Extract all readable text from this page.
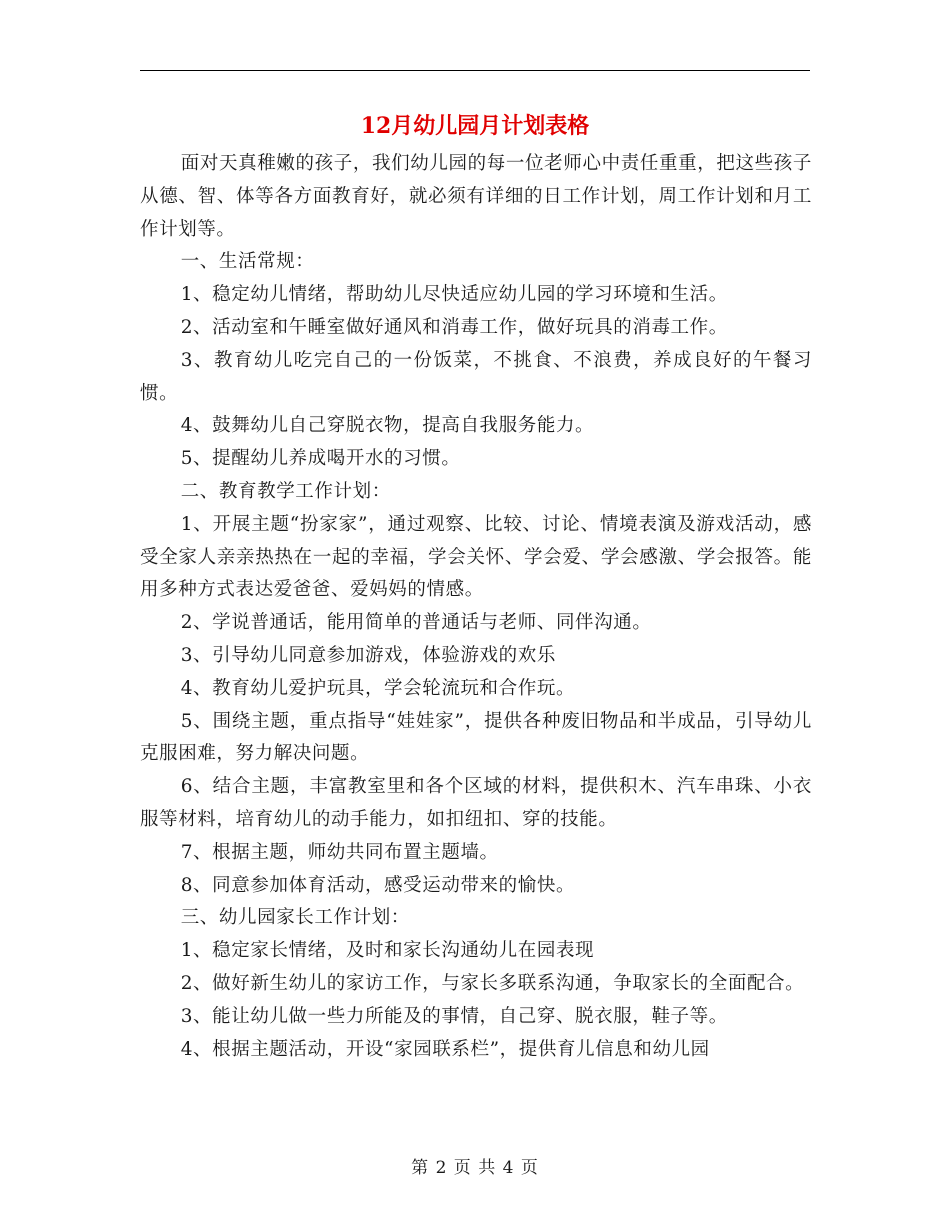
12月幼儿园月计划表格

面对天真稚嫩的孩子，我们幼儿园的每一位老师心中责任重重，把这些孩子从德、智、体等各方面教育好，就必须有详细的日工作计划，周工作计划和月工作计划等。

一、生活常规：

1、稳定幼儿情绪，帮助幼儿尽快适应幼儿园的学习环境和生活。

2、活动室和午睡室做好通风和消毒工作，做好玩具的消毒工作。

3、教育幼儿吃完自己的一份饭菜，不挑食、不浪费，养成良好的午餐习惯。

4、鼓舞幼儿自己穿脱衣物，提高自我服务能力。

5、提醒幼儿养成喝开水的习惯。

二、教育教学工作计划：

1、开展主题“扮家家”，通过观察、比较、讨论、情境表演及游戏活动，感受全家人亲亲热热在一起的幸福，学会关怀、学会爱、学会感激、学会报答。能用多种方式表达爱爸爸、爱妈妈的情感。

2、学说普通话，能用简单的普通话与老师、同伴沟通。

3、引导幼儿同意参加游戏，体验游戏的欢乐

4、教育幼儿爱护玩具，学会轮流玩和合作玩。

5、围绕主题，重点指导“娃娃家”，提供各种废旧物品和半成品，引导幼儿克服困难，努力解决问题。

6、结合主题，丰富教室里和各个区域的材料，提供积木、汽车串珠、小衣服等材料，培育幼儿的动手能力，如扣纽扣、穿的技能。

7、根据主题，师幼共同布置主题墙。

8、同意参加体育活动，感受运动带来的愉快。

三、幼儿园家长工作计划：

1、稳定家长情绪，及时和家长沟通幼儿在园表现

2、做好新生幼儿的家访工作，与家长多联系沟通，争取家长的全面配合。

3、能让幼儿做一些力所能及的事情，自己穿、脱衣服，鞋子等。

4、根据主题活动，开设“家园联系栏”，提供育儿信息和幼儿园

第 2 页 共 4 页
